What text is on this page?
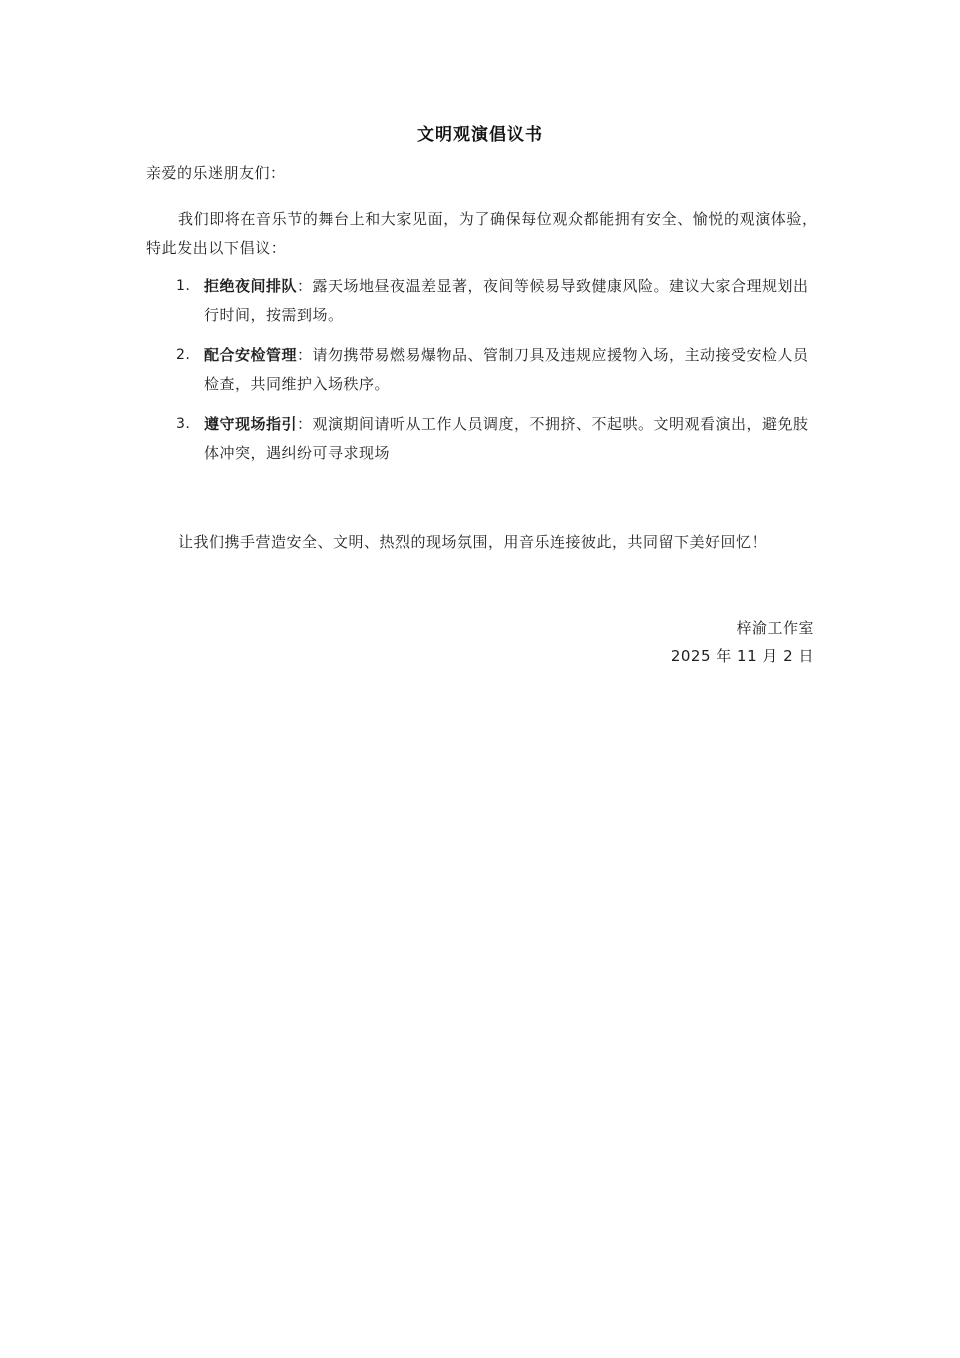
文明观演倡议书
亲爱的乐迷朋友们：
我们即将在音乐节的舞台上和大家见面，为了确保每位观众都能拥有安全、愉悦的观演体验，特此发出以下倡议：
1. 拒绝夜间排队：露天场地昼夜温差显著，夜间等候易导致健康风险。建议大家合理规划出行时间，按需到场。
2. 配合安检管理：请勿携带易燃易爆物品、管制刀具及违规应援物入场，主动接受安检人员检查，共同维护入场秩序。
3. 遵守现场指引：观演期间请听从工作人员调度，不拥挤、不起哄。文明观看演出，避免肢体冲突，遇纠纷可寻求现场
让我们携手营造安全、文明、热烈的现场氛围，用音乐连接彼此，共同留下美好回忆！
梓渝工作室
2025 年 11 月 2 日
